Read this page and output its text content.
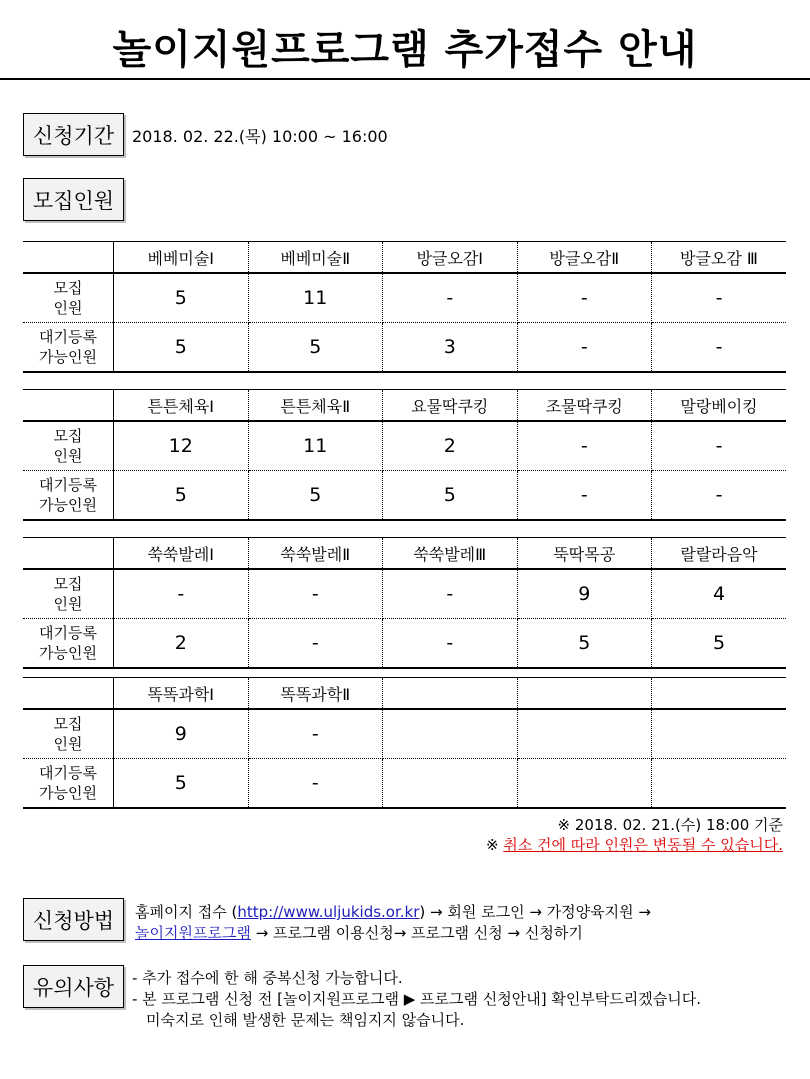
놀이지원프로그램 추가접수 안내
신청기간	2018. 02. 22.(목) 10:00 ~ 16:00
모집인원
	베베미술Ⅰ	베베미술Ⅱ	방글오감Ⅰ	방글오감Ⅱ	방글오감 Ⅲ
모집
인원	5	11	-	-	-
대기등록
가능인원	5	5	3	-	-
	튼튼체육Ⅰ	튼튼체육Ⅱ	요물딱쿠킹	조물딱쿠킹	말랑베이킹
모집
인원	12	11	2	-	-
대기등록
가능인원	5	5	5	-	-
	쑥쑥발레Ⅰ	쑥쑥발레Ⅱ	쑥쑥발레Ⅲ	뚝딱목공	랄랄라음악
모집
인원	-	-	-	9	4
대기등록
가능인원	2	-	-	5	5
	똑똑과학Ⅰ	똑똑과학Ⅱ			
모집
인원	9	-			
대기등록
가능인원	5	-			
※ 2018. 02. 21.(수) 18:00 기준
※ 취소 건에 따라 인원은 변동될 수 있습니다.
신청방법	홈페이지 접수 (http://www.uljukids.or.kr) → 회원 로그인 → 가정양육지원 →
놀이지원프로그램 → 프로그램 이용신청→ 프로그램 신청 → 신청하기
유의사항	- 추가 접수에 한 해 중복신청 가능합니다.
- 본 프로그램 신청 전 [놀이지원프로그램 ▶ 프로그램 신청안내] 확인부탁드리겠습니다.
미숙지로 인해 발생한 문제는 책임지지 않습니다.
